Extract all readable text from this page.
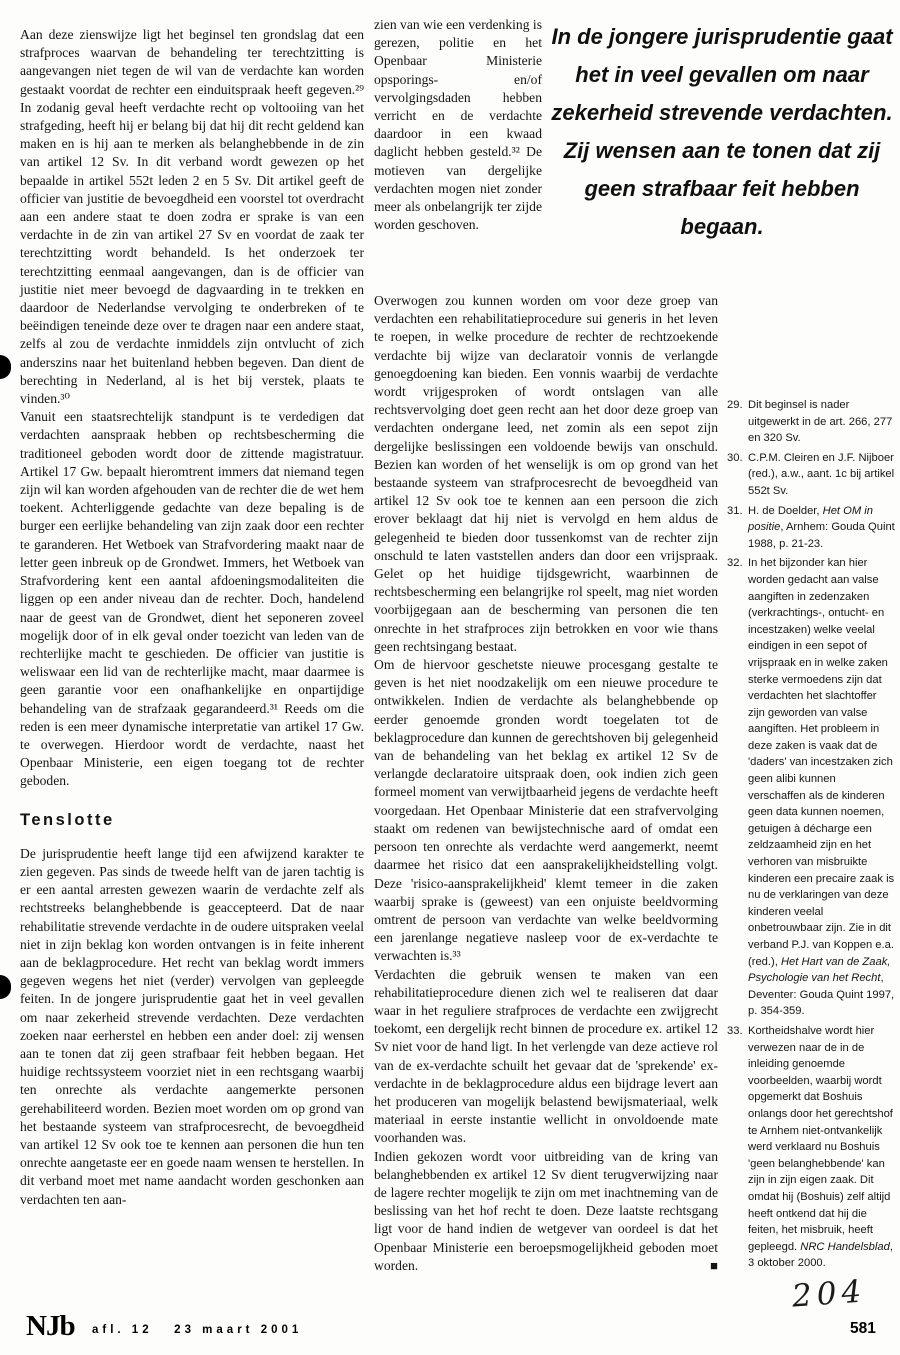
Aan deze zienswijze ligt het beginsel ten grondslag dat een strafproces waarvan de behandeling ter terechtzitting is aangevangen niet tegen de wil van de verdachte kan worden gestaakt voordat de rechter een einduitspraak heeft gegeven.²⁹ In zodanig geval heeft verdachte recht op voltooiing van het strafgeding, heeft hij er belang bij dat hij dit recht geldend kan maken en is hij aan te merken als belanghebbende in de zin van artikel 12 Sv. In dit verband wordt gewezen op het bepaalde in artikel 552t leden 2 en 5 Sv. Dit artikel geeft de officier van justitie de bevoegdheid een voorstel tot overdracht aan een andere staat te doen zodra er sprake is van een verdachte in de zin van artikel 27 Sv en voordat de zaak ter terechtzitting wordt behandeld. Is het onderzoek ter terechtzitting eenmaal aangevangen, dan is de officier van justitie niet meer bevoegd de dagvaarding in te trekken en daardoor de Nederlandse vervolging te onderbreken of te beëindigen teneinde deze over te dragen naar een andere staat, zelfs al zou de verdachte inmiddels zijn ontvlucht of zich anderszins naar het buitenland hebben begeven. Dan dient de berechting in Nederland, al is het bij verstek, plaats te vinden.³⁰

Vanuit een staatsrechtelijk standpunt is te verdedigen dat verdachten aanspraak hebben op rechtsbescherming die traditioneel geboden wordt door de zittende magistratuur. Artikel 17 Gw. bepaalt hieromtrent immers dat niemand tegen zijn wil kan worden afgehouden van de rechter die de wet hem toekent. Achterliggende gedachte van deze bepaling is de burger een eerlijke behandeling van zijn zaak door een rechter te garanderen. Het Wetboek van Strafvordering maakt naar de letter geen inbreuk op de Grondwet. Immers, het Wetboek van Strafvordering kent een aantal afdoeningsmodaliteiten die liggen op een ander niveau dan de rechter. Doch, handelend naar de geest van de Grondwet, dient het seponeren zoveel mogelijk door of in elk geval onder toezicht van leden van de rechterlijke macht te geschieden. De officier van justitie is weliswaar een lid van de rechterlijke macht, maar daarmee is geen garantie voor een onafhankelijke en onpartijdige behandeling van de strafzaak gegarandeerd.³¹ Reeds om die reden is een meer dynamische interpretatie van artikel 17 Gw. te overwegen. Hierdoor wordt de verdachte, naast het Openbaar Ministerie, een eigen toegang tot de rechter geboden.

Tenslotte

De jurisprudentie heeft lange tijd een afwijzend karakter te zien gegeven. Pas sinds de tweede helft van de jaren tachtig is er een aantal arresten gewezen waarin de verdachte zelf als rechtstreeks belanghebbende is geaccepteerd. Dat de naar rehabilitatie strevende verdachte in de oudere uitspraken veelal niet in zijn beklag kon worden ontvangen is in feite inherent aan de beklagprocedure. Het recht van beklag wordt immers gegeven wegens het niet (verder) vervolgen van gepleegde feiten. In de jongere jurisprudentie gaat het in veel gevallen om naar zekerheid strevende verdachten. Deze verdachten zoeken naar eerherstel en hebben een ander doel: zij wensen aan te tonen dat zij geen strafbaar feit hebben begaan. Het huidige rechtssysteem voorziet niet in een rechtsgang waarbij ten onrechte als verdachte aangemerkte personen gerehabiliteerd worden. Bezien moet worden om op grond van het bestaande systeem van strafprocesrecht, de bevoegdheid van artikel 12 Sv ook toe te kennen aan personen die hun ten onrechte aangetaste eer en goede naam wensen te herstellen. In dit verband moet met name aandacht worden geschonken aan verdachten ten aan-

In de jongere jurisprudentie gaat het in veel gevallen om naar zekerheid strevende verdachten. Zij wensen aan te tonen dat zij geen strafbaar feit hebben begaan.

zien van wie een verdenking is gerezen, politie en het Openbaar Ministerie opsporings- en/of vervolgingsdaden hebben verricht en de verdachte daardoor in een kwaad daglicht hebben gesteld.³² De motieven van dergelijke verdachten mogen niet zonder meer als onbelangrijk ter zijde worden geschoven.

Overwogen zou kunnen worden om voor deze groep van verdachten een rehabilitatieprocedure sui generis in het leven te roepen, in welke procedure de rechter de rechtzoekende verdachte bij wijze van declaratoir vonnis de verlangde genoegdoening kan bieden. Een vonnis waarbij de verdachte wordt vrijgesproken of wordt ontslagen van alle rechtsvervolging doet geen recht aan het door deze groep van verdachten ondergane leed, net zomin als een sepot zijn dergelijke beslissingen een voldoende bewijs van onschuld. Bezien kan worden of het wenselijk is om op grond van het bestaande systeem van strafprocesrecht de bevoegdheid van artikel 12 Sv ook toe te kennen aan een persoon die zich erover beklaagt dat hij niet is vervolgd en hem aldus de gelegenheid te bieden door tussenkomst van de rechter zijn onschuld te laten vaststellen anders dan door een vrijspraak. Gelet op het huidige tijdsgewricht, waarbinnen de rechtsbescherming een belangrijke rol speelt, mag niet worden voorbijgegaan aan de bescherming van personen die ten onrechte in het strafproces zijn betrokken en voor wie thans geen rechtsingang bestaat.

Om de hiervoor geschetste nieuwe procesgang gestalte te geven is het niet noodzakelijk om een nieuwe procedure te ontwikkelen. Indien de verdachte als belanghebbende op eerder genoemde gronden wordt toegelaten tot de beklagprocedure dan kunnen de gerechtshoven bij gelegenheid van de behandeling van het beklag ex artikel 12 Sv de verlangde declaratoire uitspraak doen, ook indien zich geen formeel moment van verwijtbaarheid jegens de verdachte heeft voorgedaan. Het Openbaar Ministerie dat een strafvervolging staakt om redenen van bewijstechnische aard of omdat een persoon ten onrechte als verdachte werd aangemerkt, neemt daarmee het risico dat een aansprakelijkheidstelling volgt. Deze 'risico-aansprakelijkheid' klemt temeer in die zaken waarbij sprake is (geweest) van een onjuiste beeldvorming omtrent de persoon van verdachte van welke beeldvorming een jarenlange negatieve nasleep voor de ex-verdachte te verwachten is.³³

Verdachten die gebruik wensen te maken van een rehabilitatieprocedure dienen zich wel te realiseren dat daar waar in het reguliere strafproces de verdachte een zwijgrecht toekomt, een dergelijk recht binnen de procedure ex. artikel 12 Sv niet voor de hand ligt. In het verlengde van deze actieve rol van de ex-verdachte schuilt het gevaar dat de 'sprekende' ex-verdachte in de beklagprocedure aldus een bijdrage levert aan het produceren van mogelijk belastend bewijsmateriaal, welk materiaal in eerste instantie wellicht in onvoldoende mate voorhanden was.

Indien gekozen wordt voor uitbreiding van de kring van belanghebbenden ex artikel 12 Sv dient terugverwijzing naar de lagere rechter mogelijk te zijn om met inachtneming van de beslissing van het hof recht te doen. Deze laatste rechtsgang ligt voor de hand indien de wetgever van oordeel is dat het Openbaar Ministerie een beroepsmogelijkheid geboden moet worden.	■

29. Dit beginsel is nader uitgewerkt in de art. 266, 277 en 320 Sv.
30. C.P.M. Cleiren en J.F. Nijboer (red.), a.w., aant. 1c bij artikel 552t Sv.
31. H. de Doelder, Het OM in positie, Arnhem: Gouda Quint 1988, p. 21-23.
32. In het bijzonder kan hier worden gedacht aan valse aangiften in zedenzaken (verkrachtings-, ontucht- en incestzaken) welke veelal eindigen in een sepot of vrijspraak en in welke zaken sterke vermoedens zijn dat verdachten het slachtoffer zijn geworden van valse aangiften. Het probleem in deze zaken is vaak dat de 'daders' van incestzaken zich geen alibi kunnen verschaffen als de kinderen geen data kunnen noemen, getuigen à décharge een zeldzaamheid zijn en het verhoren van misbruikte kinderen een precaire zaak is nu de verklaringen van deze kinderen veelal onbetrouwbaar zijn. Zie in dit verband P.J. van Koppen e.a. (red.), Het Hart van de Zaak, Psychologie van het Recht, Deventer: Gouda Quint 1997, p. 354-359.
33. Kortheidshalve wordt hier verwezen naar de in de inleiding genoemde voorbeelden, waarbij wordt opgemerkt dat Boshuis onlangs door het gerechtshof te Arnhem niet-ontvankelijk werd verklaard nu Boshuis 'geen belanghebbende' kan zijn in zijn eigen zaak. Dit omdat hij (Boshuis) zelf altijd heeft ontkend dat hij die feiten, het misbruik, heeft gepleegd. NRC Handelsblad, 3 oktober 2000.
NJb afl. 12   23 maart 2001
204
581
